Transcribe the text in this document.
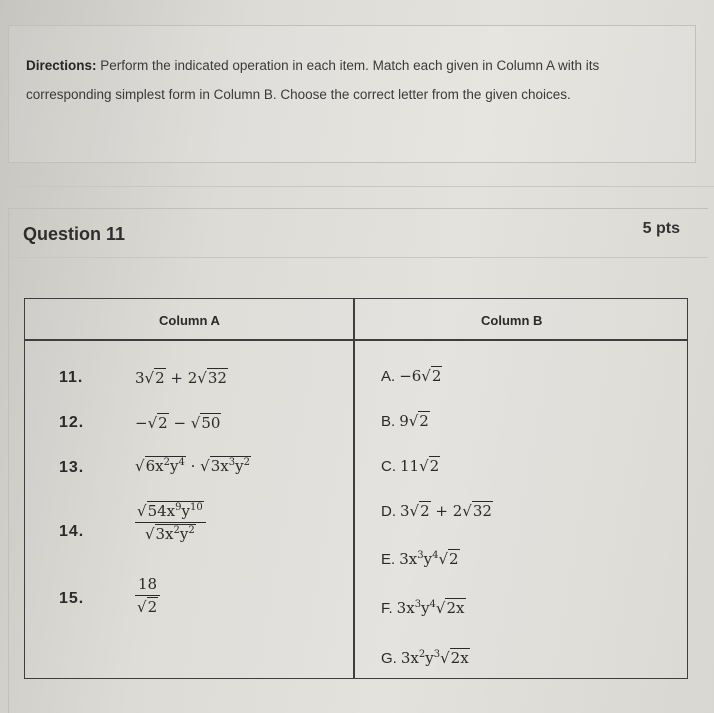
Directions: Perform the indicated operation in each item. Match each given in Column A with its corresponding simplest form in Column B. Choose the correct letter from the given choices.

Question 11	5 pts
Column A	Column B
11.	3√2 + 2√32
12.	−√2 − √50
13.	$√6x^2y^4 \cdot √3x^3y^2$
14.	$\frac{√54x^9y^{10}}{√3x^2y^2}$
15.	$\frac{18}{√2}$
A. −6√2
B. 9√2
C. 11√2
D. 3√2 + 2√32
E. $3x^3y^4√2$
F. $3x^3y^4√2x$
G. $3x^2y^3√2x$
